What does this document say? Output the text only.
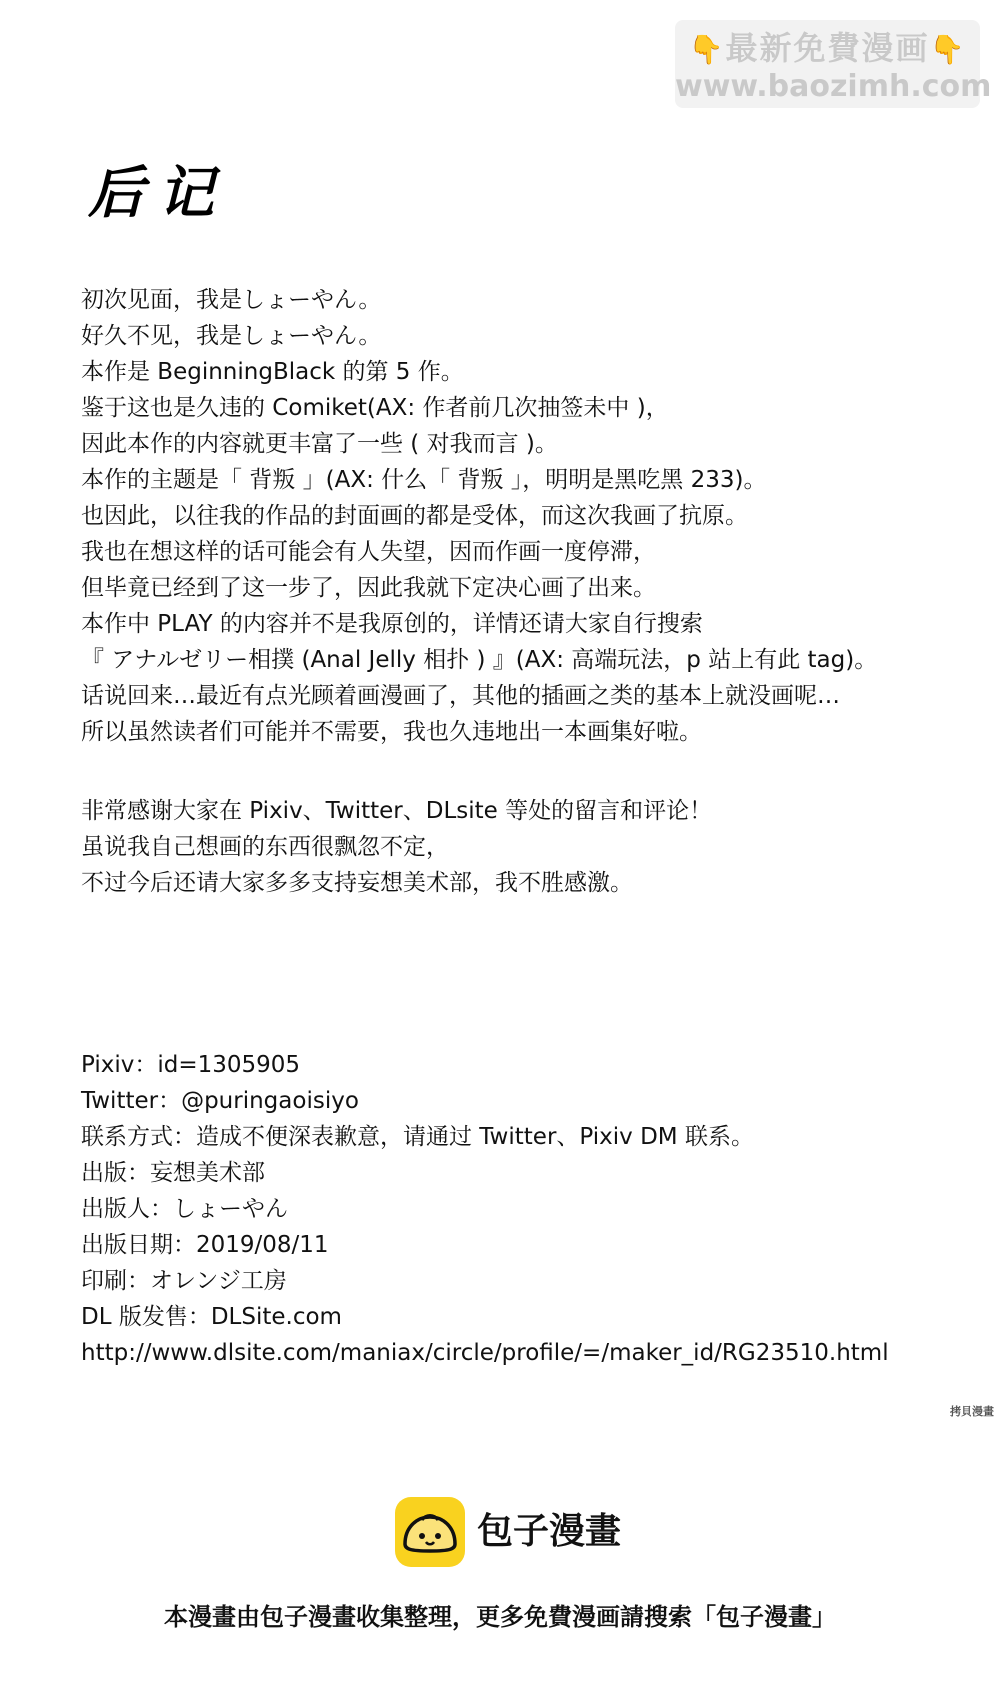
👇最新免費漫画👇
www.baozimh.com
后记
初次见面，我是しょーやん。
好久不见，我是しょーやん。
本作是 BeginningBlack 的第 5 作。
鉴于这也是久违的 Comiket(AX: 作者前几次抽签未中 )，
因此本作的内容就更丰富了一些 ( 对我而言 )。
本作的主题是「 背叛 」(AX: 什么「 背叛 」，明明是黑吃黑 233)。
也因此，以往我的作品的封面画的都是受体，而这次我画了抗原。
我也在想这样的话可能会有人失望，因而作画一度停滞，
但毕竟已经到了这一步了，因此我就下定决心画了出来。
本作中 PLAY 的内容并不是我原创的，详情还请大家自行搜索
『 アナルゼリー相撲 (Anal Jelly 相扑 ) 』(AX: 高端玩法，p 站上有此 tag)。
话说回来…最近有点光顾着画漫画了，其他的插画之类的基本上就没画呢…
所以虽然读者们可能并不需要，我也久违地出一本画集好啦。
非常感谢大家在 Pixiv、Twitter、DLsite 等处的留言和评论！
虽说我自己想画的东西很飘忽不定，
不过今后还请大家多多支持妄想美术部，我不胜感激。
Pixiv：id=1305905
Twitter：@puringaoisiyo
联系方式：造成不便深表歉意，请通过 Twitter、Pixiv DM 联系。
出版：妄想美术部
出版人：しょーやん
出版日期：2019/08/11
印刷：オレンジ工房
DL 版发售：DLSite.com
http://www.dlsite.com/maniax/circle/profile/=/maker_id/RG23510.html
拷貝漫畫
包子漫畫
本漫畫由包子漫畫收集整理，更多免費漫画請搜索「包子漫畫」
